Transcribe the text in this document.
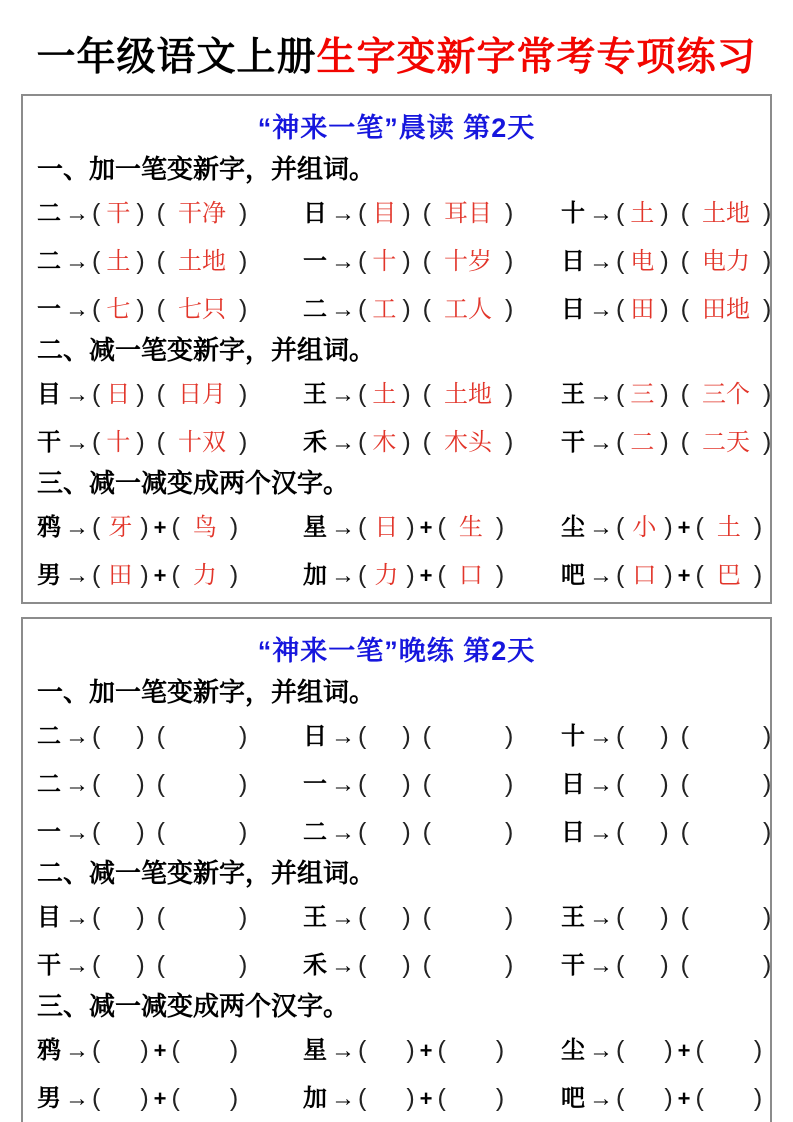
一年级语文上册生字变新字常考专项练习
“神来一笔”晨读 第2天
一、加一笔变新字，并组词。
二 → ( 干 ) ( 干净 )	日 → ( 目 ) ( 耳目 )	十 → ( 土 ) ( 土地 )
二 → ( 土 ) ( 土地 )	一 → ( 十 ) ( 十岁 )	日 → ( 电 ) ( 电力 )
一 → ( 七 ) ( 七只 )	二 → ( 工 ) ( 工人 )	日 → ( 田 ) ( 田地 )
二、减一笔变新字，并组词。
目 → ( 日 ) ( 日月 )	王 → ( 土 ) ( 土地 )	王 → ( 三 ) ( 三个 )
干 → ( 十 ) ( 十双 )	禾 → ( 木 ) ( 木头 )	干 → ( 二 ) ( 二天 )
三、减一减变成两个汉字。
鸦 → ( 牙 ) + ( 鸟 )	星 → ( 日 ) + ( 生 )	尘 → ( 小 ) + ( 土 )
男 → ( 田 ) + ( 力 )	加 → ( 力 ) + ( 口 )	吧 → ( 口 ) + ( 巴 )
“神来一笔”晚练 第2天
一、加一笔变新字，并组词。
二 → ( ) (	)	日 → ( ) (	)	十 → ( ) (	)
二 → ( ) (	)	一 → ( ) (	)	日 → ( ) (	)
一 → ( ) (	)	二 → ( ) (	)	日 → ( ) (	)
二、减一笔变新字，并组词。
目 → ( ) (	)	王 → ( ) (	)	王 → ( ) (	)
干 → ( ) (	)	禾 → ( ) (	)	干 → ( ) (	)
三、减一减变成两个汉字。
鸦 → ( ) + ( )	星 → ( ) + ( )	尘 → ( ) + ( )
男 → ( ) + ( )	加 → ( ) + ( )	吧 → ( ) + ( )
